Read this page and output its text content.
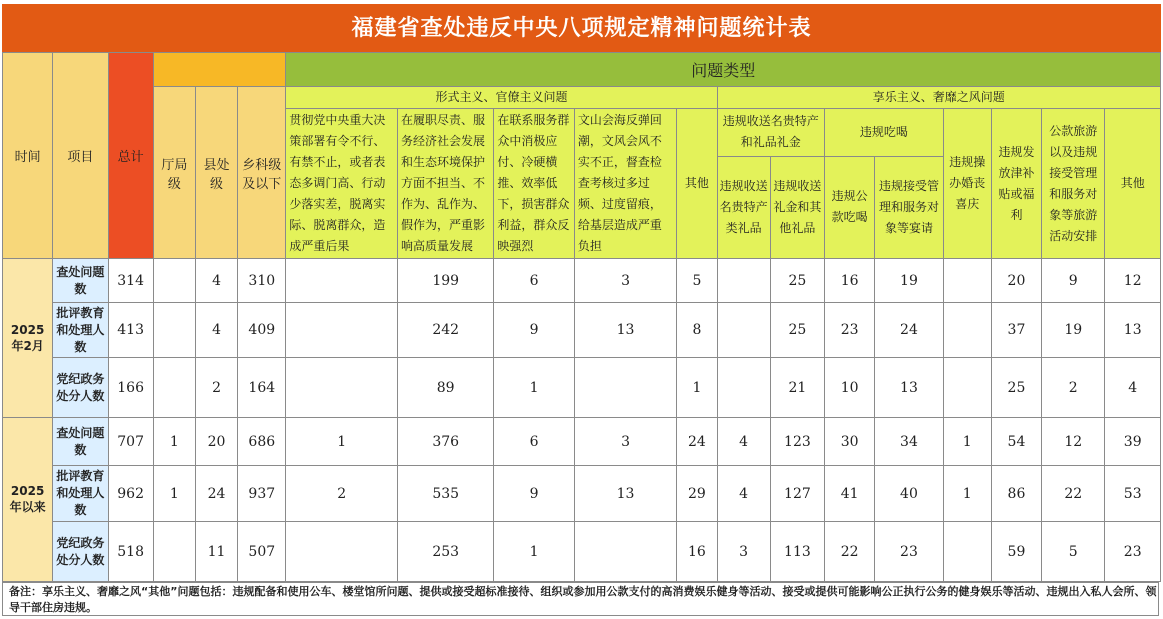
福建省查处违反中央八项规定精神问题统计表
时间	项目	总计				问题类型												
			厅局级	县处级	乡科级及以下	形式主义、官僚主义问题					享乐主义、奢靡之风问题							
						贯彻党中央重大决策部署有令不行、有禁不止，或者表态多调门高、行动少落实差，脱离实际、脱离群众，造成严重后果	在履职尽责、服务经济社会发展和生态环境保护方面不担当、不作为、乱作为、假作为，严重影响高质量发展	在联系服务群众中消极应付、冷硬横推、效率低下，损害群众利益，群众反映强烈	文山会海反弹回潮，文风会风不实不正，督查检查考核过多过频、过度留痕，给基层造成严重负担	其他	违规收送名贵特产和礼品礼金		违规吃喝		违规操办婚丧喜庆	违规发放津补贴或福利	公款旅游以及违规接受管理和服务对象等旅游活动安排	其他
											违规收送名贵特产类礼品	违规收送礼金和其他礼品	违规公款吃喝	违规接受管理和服务对象等宴请				
2025年2月	查处问题数	314		4	310		199	6	3	5		25	16	19		20	9	12
	批评教育和处理人数	413		4	409		242	9	13	8		25	23	24		37	19	13
	党纪政务处分人数	166		2	164		89	1		1		21	10	13		25	2	4
2025年以来	查处问题数	707	1	20	686	1	376	6	3	24	4	123	30	34	1	54	12	39
	批评教育和处理人数	962	1	24	937	2	535	9	13	29	4	127	41	40	1	86	22	53
	党纪政务处分人数	518		11	507		253	1		16	3	113	22	23		59	5	23
备注：享乐主义、奢靡之风“其他”问题包括：违规配备和使用公车、楼堂馆所问题、提供或接受超标准接待、组织或参加用公款支付的高消费娱乐健身等活动、接受或提供可能影响公正执行公务的健身娱乐等活动、违规出入私人会所、领导干部住房违规。
